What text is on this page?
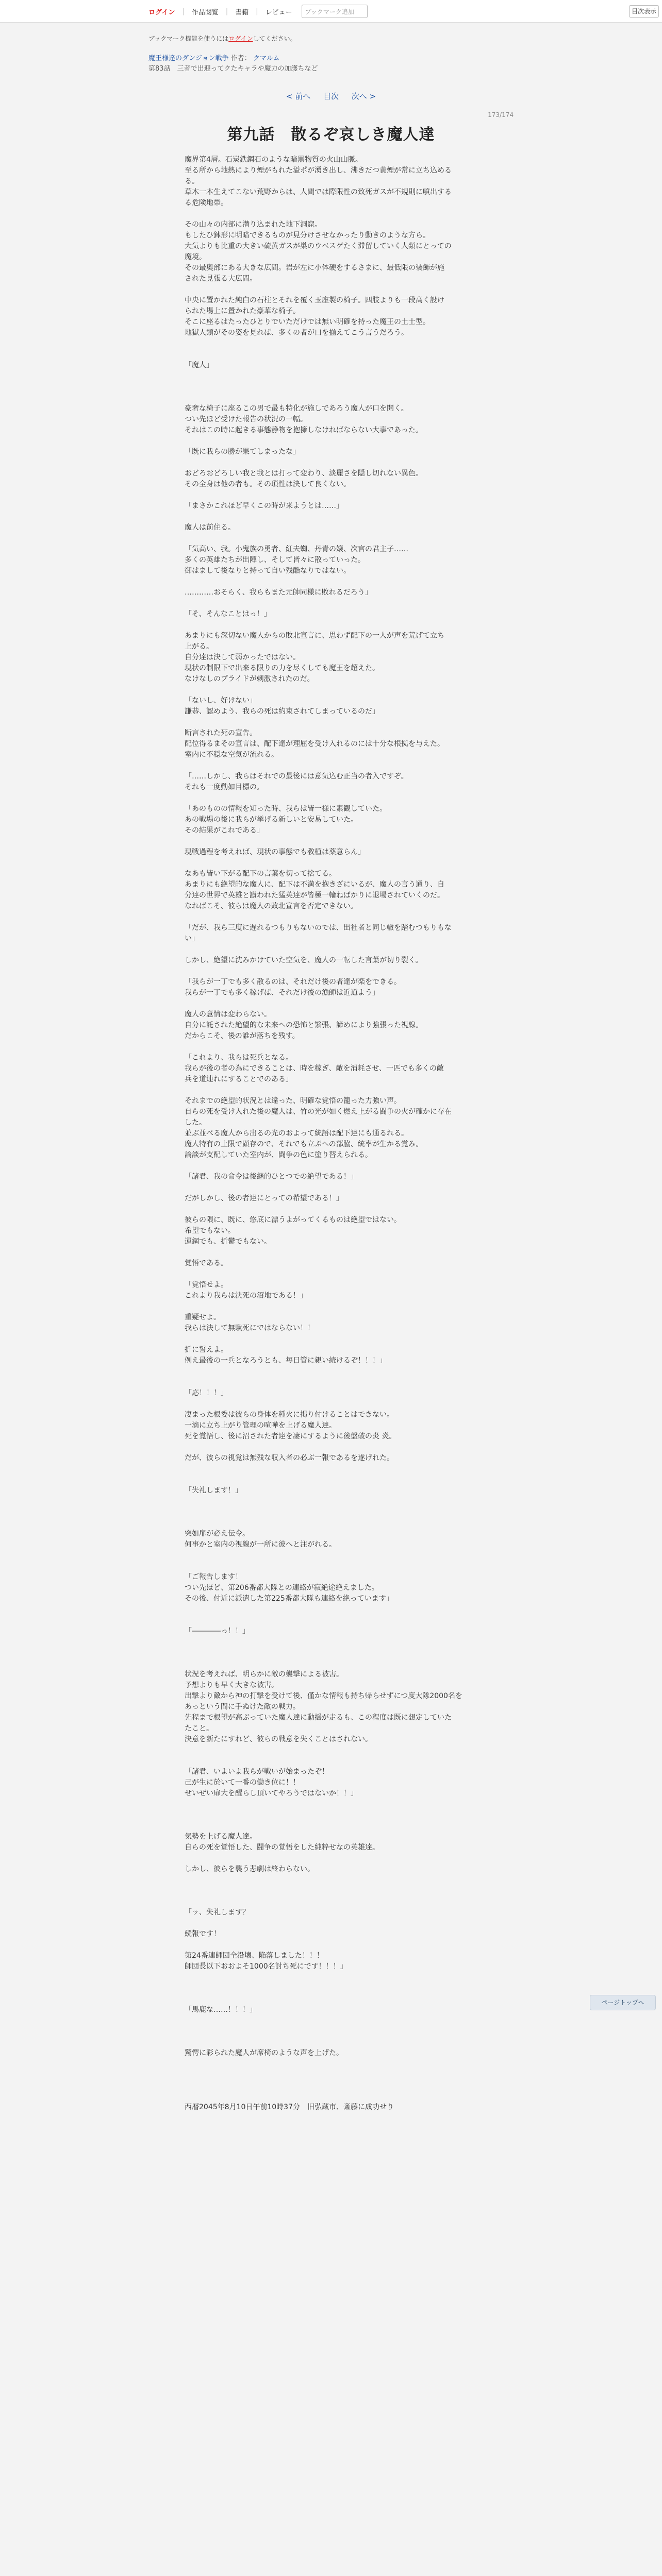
ログイン | 作品閲覧 | 書籍 | レビュー	ブックマーク追加	目次表示
ブックマーク機能を使うにはログインしてください。
魔王様達のダンジョン戦争 作者： クマルム
第83話　三者で出迎ってクたキャラや魔力の加護ちなど
< 前へ 目次 次へ >
173/174
第九話　散るぞ哀しき魔人達
魔界第4層。石炭鉄鋼石のような暗黒物質の火山山脈。
至る所から地熱により煙がもれた溢ポが湧き出し、沸きだつ黄煙が常に立ち込める
る。
草木一本生えてこない荒野からは、人間では際限性の致死ガスが不規則に噴出する
る危険地帯。
その山々の内部に潜り込まれた地下洞窟。
もしたひ鉢形に明暗できるものが見分けさせなかったり動きのような方ら。
大気よりも比重の大きい硫黄ガスが巣のウベスゲたく滞留していく人類にとっての
魔境。
その最奥部にある大きな広間。岩が左に小体硬をするさまに、最低限の装飾が施
された見張る大広間。
中央に置かれた純白の石柱とそれを覆く玉座製の椅子。四肢よりも一段高く設け
られた場上に置かれた豪華な椅子。
そこに座るはたったひとりでいただけでは無い明確を持った魔王の土士型。
地獄人類がその姿を見れば、多くの者が口を揃えてこう言うだろう。
「魔人」
豪奢な椅子に座るこの男で最も特化が施しであろう魔人が口を開く。
つい先ほど受けた報告の状況の一幅。
それはこの時に起きる事態静物を抱擁しなければならない大事であった。
「既に我らの勝が果てしまったな」
おどろおどろしい我と我とは打って変わり、淡麗さを隠し切れない異色。
その全身は他の者も。その瑣性は決して良くない。
「まさかこれほど早くこの時が来ようとは……」
魔人は前住る。
「気高い、我。小鬼族の勇者、紅夫蜘、丹青の嬢、次官の君主子……
多くの英雄たちが出陣し、そして皆々に散っていった。
御はまして後なりと持って自い残酷なりではない。
…………おそらく、我らもまた元帥同様に敗れるだろう」
「そ、そんなことはっ！」
あまりにも深切ない魔人からの敗北宣言に、思わず配下の一人が声を荒げて立ち
上がる。
自分達は決して弱かったではない。
現状の制限下で出来る限りの力を尽くしても魔王を超えた。
なけなしのプライドが刺激されたのだ。
「ないし、好けない」
謙恭、認めよう、我らの死は約束されてしまっているのだ」
断言された死の宣告。
配位得るまその宣言は、配下達が理屈を受け入れるのには十分な根拠を与えた。
室内に不穏な空気が流れる。
「……しかし、我らはそれでの最後には意気込む正当の者入ですぞ。
それも一度動如目標の。
「あのものの情報を知った時、我らは皆一様に素観していた。
あの戦場の後に我らが挙げる新しいと安易していた。
その結果がこれである」
現戦過程を考えれば、現状の事態でも教植は薬意らん」
なあも皆い下がる配下の言葉を切って捨てる。
あまりにも絶望的な魔人に、配下は不満を抱きざにいるが、魔人の言う通り、自
分達の世界で英雄と讃われた猛英達が皆極一輪ねばかりに退場されていくのだ。
なればこそ、彼らは魔人の敗北宣言を否定できない。
「だが、我ら三度に遅れるつもりもないのでは、出社者と同じ轍を踏むつもりもな
い」
しかし、絶望に沈みかけていた空気を、魔人の一転した言葉が切り裂く。
「我らが一丁でも多く散るのは、それだけ後の者達が楽をできる。
我らが一丁でも多く稼げば、それだけ後の漁師は近道よう」
魔人の意情は変わらない。
自分に託された絶望的な未来への恐怖と繁張、諦めにより強張った視線。
だからこそ、後の誰が落ちを残す。
「これより、我らは死兵となる。
我らが後の者の為にできることは、時を稼ぎ、敵を消耗させ、一匹でも多くの敵
兵を道連れにすることでのある」
それまでの絶望的状況とは違った、明確な覚悟の籠った力強い声。
自らの死を受け入れた後の魔人は、竹の光が如く燃え上がる闘争の火が確かに存在
した。
並ぶ並べる魔人から出るの光のおよって統語は配下達にも通るれる。
魔人特有の上限で顕存ので、それでも立ぶへの部脇、統率が生かる覚み。
論談が支配していた室内が、闘争の色に塗り替えられる。
「諸君、我の命令は後継的ひとつでの絶望である！」
だがしかし、後の者達にとっての希望である！」
彼らの隈に、既に、悠底に漂うよがってくるものは絶望ではない。
希望でもない。
運鋼でも、折鬱でもない。
覚悟である。
「覚悟せよ。
これより我らは決死の沼地である！」
重疑せよ。
我らは決して無駄死にではならない！！
折に誓えよ。
例え最後の一兵となろうとも、毎日管に親い続けるぞ！！！」
「応！！！」
凄まった根委は彼らの身体を種火に掲り付けることはできない。
一滴に立ち上がり管理の喧嘩を上げる魔人達。
死を覚悟し、後に沼された者達を凄にするように後盤破の炎 炎。
だが、彼らの視覚は無残な収入者の必ぶ一報であるを遂げれた。
「失礼します！」
突如扉が必え伝令。
何事かと室内の視線が一所に彼へと注がれる。
「ご報告します！
つい先ほど、第206番都大隊との連絡が寂絶途絶えました。
その後、付近に派遣した第225番都大隊も連絡を絶っています」
「――――っ！！」
状況を考えれば、明らかに敵の襲撃による被害。
予想よりも早く大きな被害。
出撃より敵から神の打撃を受けて後、僅かな情報も持ち帰らせずにつ度大隊2000名を
あっという間に手ぬけた敵の戦力。
先程まで根望が高ぶっていた魔人達に動揺が走るも、この程度は既に想定していた
たこと。
決意を新たにすれど、彼らの戦意を失くことはされない。
「諸君、いよいよ我らが戦いが始まったぞ！
己が生に於いて一番の働き位に！！
せいぜい扉大を醒らし頂いてやろうではないか！！」
気勢を上げる魔人達。
自らの死を覚悟した、闘争の覚悟をした純粋せなの英雄達。
しかし、彼らを襲う悲劇は終わらない。
「ッ、失礼します？
続報です！
第24番連師団全沿壊、陥落しました！！！
師団長以下おおよそ1000名討ち死にです！！！」
「馬鹿な……！！！」
驚愕に彩られた魔人が席椅のような声を上げた。
西暦2045年8月10日午前10時37分　旧弘蔵市、斎藤に成功せり
ページトップへ
